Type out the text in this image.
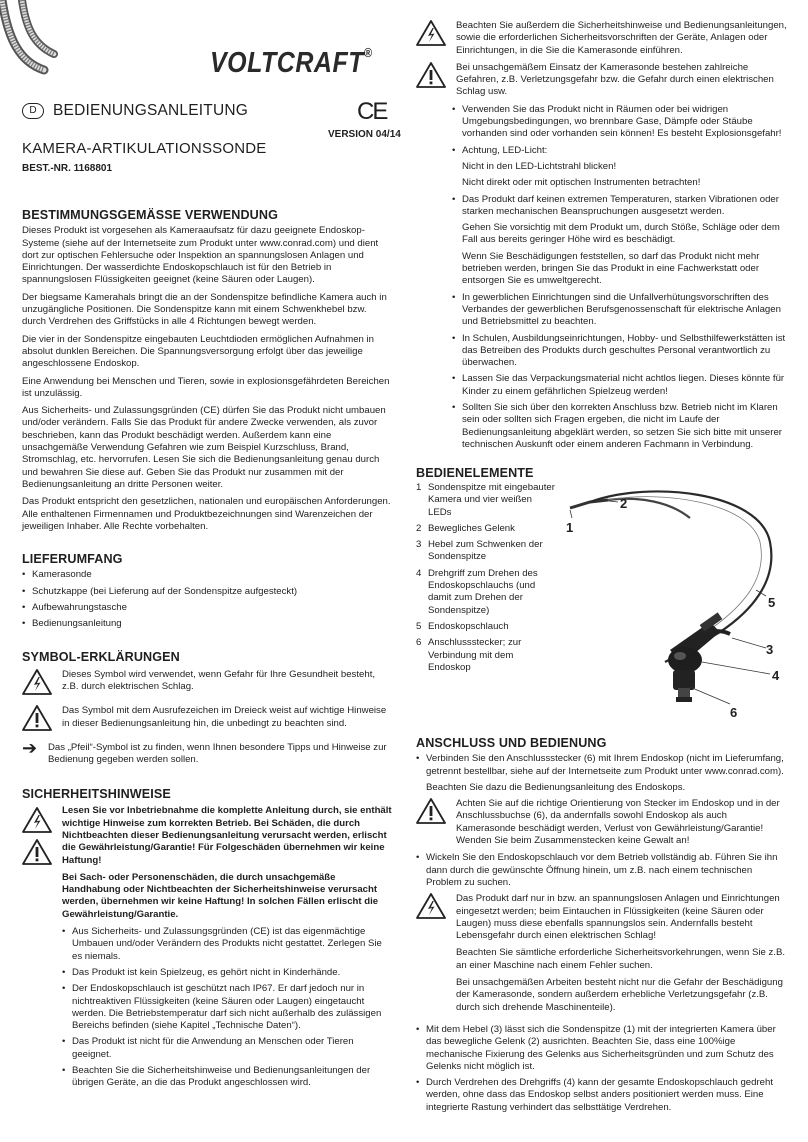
VOLTCRAFT®
D	BEDIENUNGSANLEITUNG	CE
VERSION 04/14
KAMERA-ARTIKULATIONSSONDE
BEST.-NR. 1168801
BESTIMMUNGSGEMÄSSE VERWENDUNG

Dieses Produkt ist vorgesehen als Kameraaufsatz für dazu geeignete Endoskop-Systeme (siehe auf der Internetseite zum Produkt unter www.conrad.com) und dient dort zur optischen Fehlersuche oder Inspektion an spannungslosen Anlagen und Einrichtungen. Der wasserdichte Endoskopschlauch ist für den Betrieb in spannungslosen Flüssigkeiten geeignet (keine Säuren oder Laugen).

Der biegsame Kamerahals bringt die an der Sondenspitze befindliche Kamera auch in unzugängliche Positionen. Die Sondenspitze kann mit einem Schwenkhebel bzw. durch Verdrehen des Griffstücks in alle 4 Richtungen bewegt werden.

Die vier in der Sondenspitze eingebauten Leuchtdioden ermöglichen Aufnahmen in absolut dunklen Bereichen. Die Spannungsversorgung erfolgt über das jeweilige angeschlossene Endoskop.

Eine Anwendung bei Menschen und Tieren, sowie in explosionsgefährdeten Bereichen ist unzulässig.

Aus Sicherheits- und Zulassungsgründen (CE) dürfen Sie das Produkt nicht umbauen und/oder verändern. Falls Sie das Produkt für andere Zwecke verwenden, als zuvor beschrieben, kann das Produkt beschädigt werden. Außerdem kann eine unsachgemäße Verwendung Gefahren wie zum Beispiel Kurzschluss, Brand, Stromschlag, etc. hervorrufen. Lesen Sie sich die Bedienungsanleitung genau durch und bewahren Sie diese auf. Geben Sie das Produkt nur zusammen mit der Bedienungsanleitung an dritte Personen weiter.

Das Produkt entspricht den gesetzlichen, nationalen und europäischen Anforderungen. Alle enthaltenen Firmennamen und Produktbezeichnungen sind Warenzeichen der jeweiligen Inhaber. Alle Rechte vorbehalten.

LIEFERUMFANG
• Kamerasonde
• Schutzkappe (bei Lieferung auf der Sondenspitze aufgesteckt)
• Aufbewahrungstasche
• Bedienungsanleitung
SYMBOL-ERKLÄRUNGEN
Dieses Symbol wird verwendet, wenn Gefahr für Ihre Gesundheit besteht, z.B. durch elektrischen Schlag.
Das Symbol mit dem Ausrufezeichen im Dreieck weist auf wichtige Hinweise in dieser Bedienungsanleitung hin, die unbedingt zu beachten sind.
➔	Das „Pfeil“-Symbol ist zu finden, wenn Ihnen besondere Tipps und Hinweise zur Bedienung gegeben werden sollen.
SICHERHEITSHINWEISE

Lesen Sie vor Inbetriebnahme die komplette Anleitung durch, sie enthält wichtige Hinweise zum korrekten Betrieb. Bei Schäden, die durch Nichtbeachten dieser Bedienungsanleitung verursacht werden, erlischt die Gewährleistung/Garantie! Für Folgeschäden übernehmen wir keine Haftung!

Bei Sach- oder Personenschäden, die durch unsachgemäße Handhabung oder Nichtbeachten der Sicherheitshinweise verursacht werden, übernehmen wir keine Haftung! In solchen Fällen erlischt die Gewährleistung/Garantie.

• Aus Sicherheits- und Zulassungsgründen (CE) ist das eigenmächtige Umbauen und/oder Verändern des Produkts nicht gestattet. Zerlegen Sie es niemals.
• Das Produkt ist kein Spielzeug, es gehört nicht in Kinderhände.
• Der Endoskopschlauch ist geschützt nach IP67. Er darf jedoch nur in nichtreaktiven Flüssigkeiten (keine Säuren oder Laugen) eingetaucht werden. Die Betriebstemperatur darf sich nicht außerhalb des zulässigen Bereichs befinden (siehe Kapitel „Technische Daten“).
• Das Produkt ist nicht für die Anwendung an Menschen oder Tieren geeignet.
• Beachten Sie die Sicherheitshinweise und Bedienungsanleitungen der übrigen Geräte, an die das Produkt angeschlossen wird.
Beachten Sie außerdem die Sicherheitshinweise und Bedienungsanleitungen, sowie die erforderlichen Sicherheitsvorschriften der Geräte, Anlagen oder Einrichtungen, in die Sie die Kamerasonde einführen.
Bei unsachgemäßem Einsatz der Kamerasonde bestehen zahlreiche Gefahren, z.B. Verletzungsgefahr bzw. die Gefahr durch einen elektrischen Schlag usw.
• Verwenden Sie das Produkt nicht in Räumen oder bei widrigen Umgebungsbedingungen, wo brennbare Gase, Dämpfe oder Stäube vorhanden sind oder vorhanden sein können! Es besteht Explosionsgefahr!
• Achtung, LED-Licht:
Nicht in den LED-Lichtstrahl blicken!
Nicht direkt oder mit optischen Instrumenten betrachten!
• Das Produkt darf keinen extremen Temperaturen, starken Vibrationen oder starken mechanischen Beanspruchungen ausgesetzt werden.
Gehen Sie vorsichtig mit dem Produkt um, durch Stöße, Schläge oder dem Fall aus bereits geringer Höhe wird es beschädigt.
Wenn Sie Beschädigungen feststellen, so darf das Produkt nicht mehr betrieben werden, bringen Sie das Produkt in eine Fachwerkstatt oder entsorgen Sie es umweltgerecht.
• In gewerblichen Einrichtungen sind die Unfallverhütungsvorschriften des Verbandes der gewerblichen Berufsgenossenschaft für elektrische Anlagen und Betriebsmittel zu beachten.
• In Schulen, Ausbildungseinrichtungen, Hobby- und Selbsthilfewerkstätten ist das Betreiben des Produkts durch geschultes Personal verantwortlich zu überwachen.
• Lassen Sie das Verpackungsmaterial nicht achtlos liegen. Dieses könnte für Kinder zu einem gefährlichen Spielzeug werden!
• Sollten Sie sich über den korrekten Anschluss bzw. Betrieb nicht im Klaren sein oder sollten sich Fragen ergeben, die nicht im Laufe der Bedienungsanleitung abgeklärt werden, so setzen Sie sich bitte mit unserer technischen Auskunft oder einem anderen Fachmann in Verbindung.
BEDIENELEMENTE
1 Sondenspitze mit eingebauter Kamera und vier weißen LEDs
2 Bewegliches Gelenk
3 Hebel zum Schwenken der Sondenspitze
4 Drehgriff zum Drehen des Endoskopschlauchs (und damit zum Drehen der Sondenspitze)
5 Endoskopschlauch
6 Anschlussstecker; zur Verbindung mit dem Endoskop
1
2
5
3
4
6
ANSCHLUSS UND BEDIENUNG
• Verbinden Sie den Anschlussstecker (6) mit Ihrem Endoskop (nicht im Lieferumfang, getrennt bestellbar, siehe auf der Internetseite zum Produkt unter www.conrad.com).
Beachten Sie dazu die Bedienungsanleitung des Endoskops.
Achten Sie auf die richtige Orientierung von Stecker im Endoskop und in der Anschlussbuchse (6), da andernfalls sowohl Endoskop als auch Kamerasonde beschädigt werden, Verlust von Gewährleistung/Garantie! Wenden Sie beim Zusammenstecken keine Gewalt an!
• Wickeln Sie den Endoskopschlauch vor dem Betrieb vollständig ab. Führen Sie ihn dann durch die gewünschte Öffnung hinein, um z.B. nach einem technischen Problem zu suchen.

Das Produkt darf nur in bzw. an spannungslosen Anlagen und Einrichtungen eingesetzt werden; beim Eintauchen in Flüssigkeiten (keine Säuren oder Laugen) muss diese ebenfalls spannungslos sein. Andernfalls besteht Lebensgefahr durch einen elektrischen Schlag!

Beachten Sie sämtliche erforderliche Sicherheitsvorkehrungen, wenn Sie z.B. an einer Maschine nach einem Fehler suchen.

Bei unsachgemäßen Arbeiten besteht nicht nur die Gefahr der Beschädigung der Kamerasonde, sondern außerdem erhebliche Verletzungsgefahr (z.B. durch sich drehende Maschinenteile).

• Mit dem Hebel (3) lässt sich die Sondenspitze (1) mit der integrierten Kamera über das bewegliche Gelenk (2) ausrichten. Beachten Sie, dass eine 100%ige mechanische Fixierung des Gelenks aus Sicherheitsgründen und zum Schutz des Gelenks nicht möglich ist.
• Durch Verdrehen des Drehgriffs (4) kann der gesamte Endoskopschlauch gedreht werden, ohne dass das Endoskop selbst anders positioniert werden muss. Eine integrierte Rastung verhindert das selbsttätige Verdrehen.
